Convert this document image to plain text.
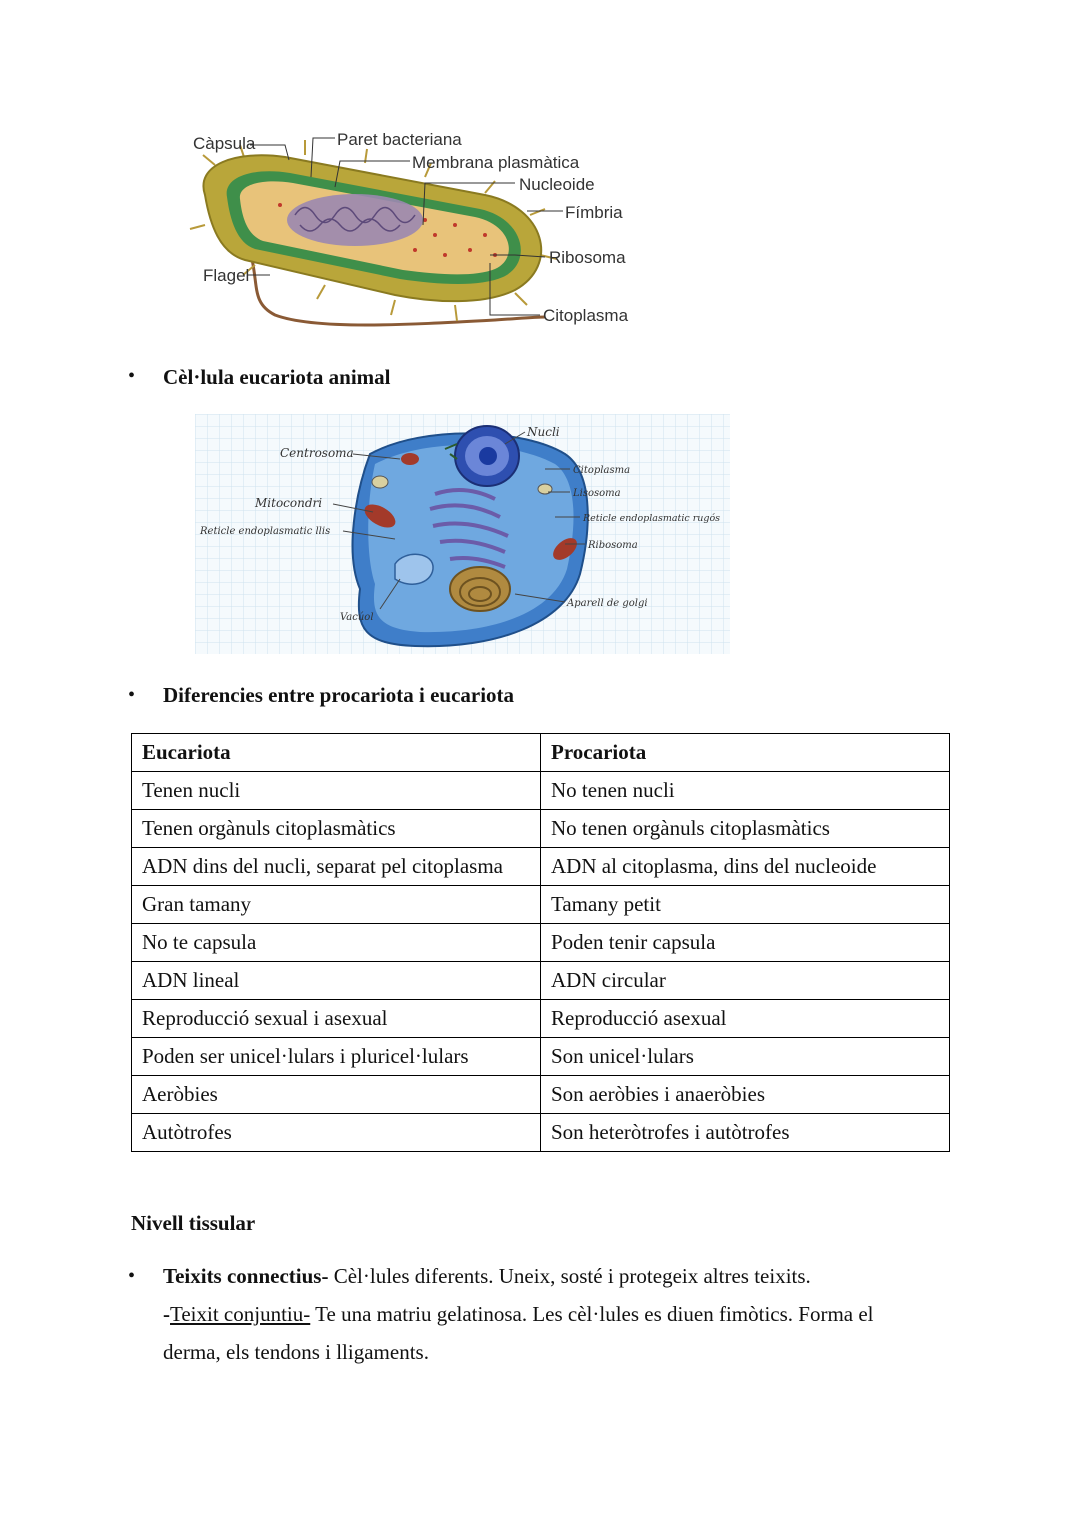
Càpsula	Paret bacteriana
Membrana plasmàtica
Nucleoide
Fímbria
Ribosoma
Citoplasma
Flagel
• Cèl·lula eucariota animal
Centrosoma
Mitocondri
Reticle endoplasmatic llis
Nucli
Citoplasma
Lisosoma
Reticle endoplasmatic rugós
Ribosoma
Aparell de golgi
Vacúol
• Diferencies entre procariota i eucariota
Eucariota	Procariota
Tenen nucli	No tenen nucli
Tenen orgànuls citoplasmàtics	No tenen orgànuls citoplasmàtics
ADN dins del nucli, separat pel citoplasma	ADN al citoplasma, dins del nucleoide
Gran tamany	Tamany petit
No te capsula	Poden tenir capsula
ADN lineal	ADN circular
Reproducció sexual i asexual	Reproducció asexual
Poden ser unicel·lulars i pluricel·lulars	Son unicel·lulars
Aeròbies	Son aeròbies i anaeròbies
Autòtrofes	Son heteròtrofes i autòtrofes
Nivell tissular
• Teixits connectius- Cèl·lules diferents. Uneix, sosté i protegeix altres teixits.
-Teixit conjuntiu- Te una matriu gelatinosa. Les cèl·lules es diuen fimòtics. Forma el derma, els tendons i lligaments.
